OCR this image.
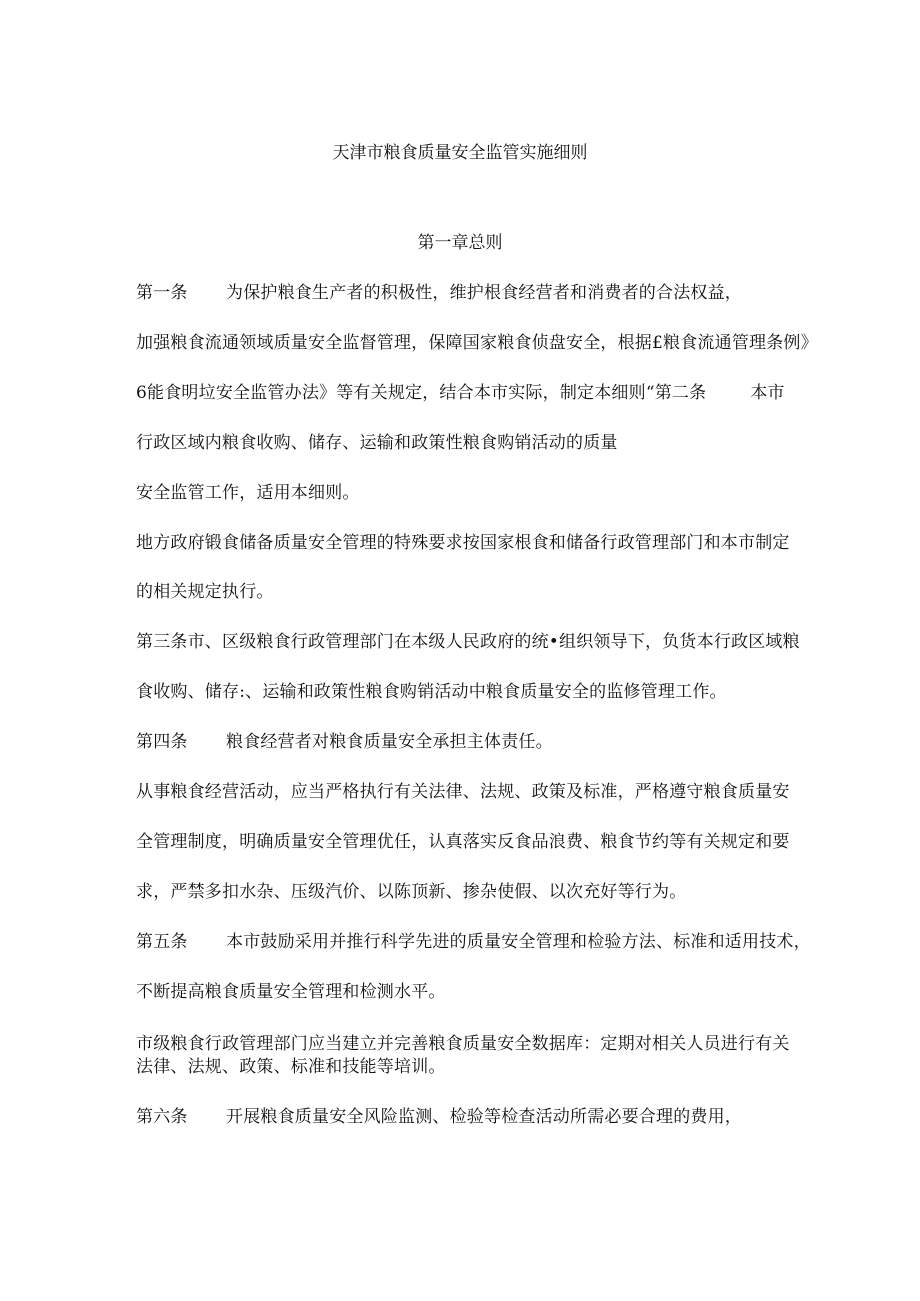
天津市粮食质量安全监管实施细则
第一章总则
第一条 为保护粮食生产者的积极性，维护根食经营者和消费者的合法权益，
加强粮食流通领域质量安全监督管理，保障国家粮食侦盘安全，根据£粮食流通管理条例》
6能食明垃安全监管办法》等有关规定，结合本市实际，制定本细则“第二条	本市
行政区域内粮食收购、储存、运输和政策性粮食购销活动的质量
安全监管工作，适用本细则。
地方政府锻食储备质量安全管理的特殊要求按国家根食和储备行政管理部门和本市制定
的相关规定执行。
第三条市、区级粮食行政管理部门在本级人民政府的统•组织领导下，负货本行政区域粮
食收购、储存:、运输和政策性粮食购销活动中粮食质量安全的监修管理工作。
第四条 粮食经营者对粮食质量安全承担主体责任。
从事粮食经营活动，应当严格执行有关法律、法规、政策及标准，严格遵守粮食质量安
全管理制度，明确质量安全管理优任，认真落实反食品浪费、粮食节约等有关规定和要
求，严禁多扣水杂、压级汽价、以陈顶新、掺杂使假、以次充好等行为。
第五条 本市鼓励采用并推行科学先进的质量安全管理和检验方法、标准和适用技术，
不断提高粮食质量安全管理和检测水平。
市级粮食行政管理部门应当建立并完善粮食质量安全数据库：定期对相关人员进行有关
法律、法规、政策、标准和技能等培训。
第六条 开展粮食质量安全风险监测、检验等检查活动所需必要合理的费用，
